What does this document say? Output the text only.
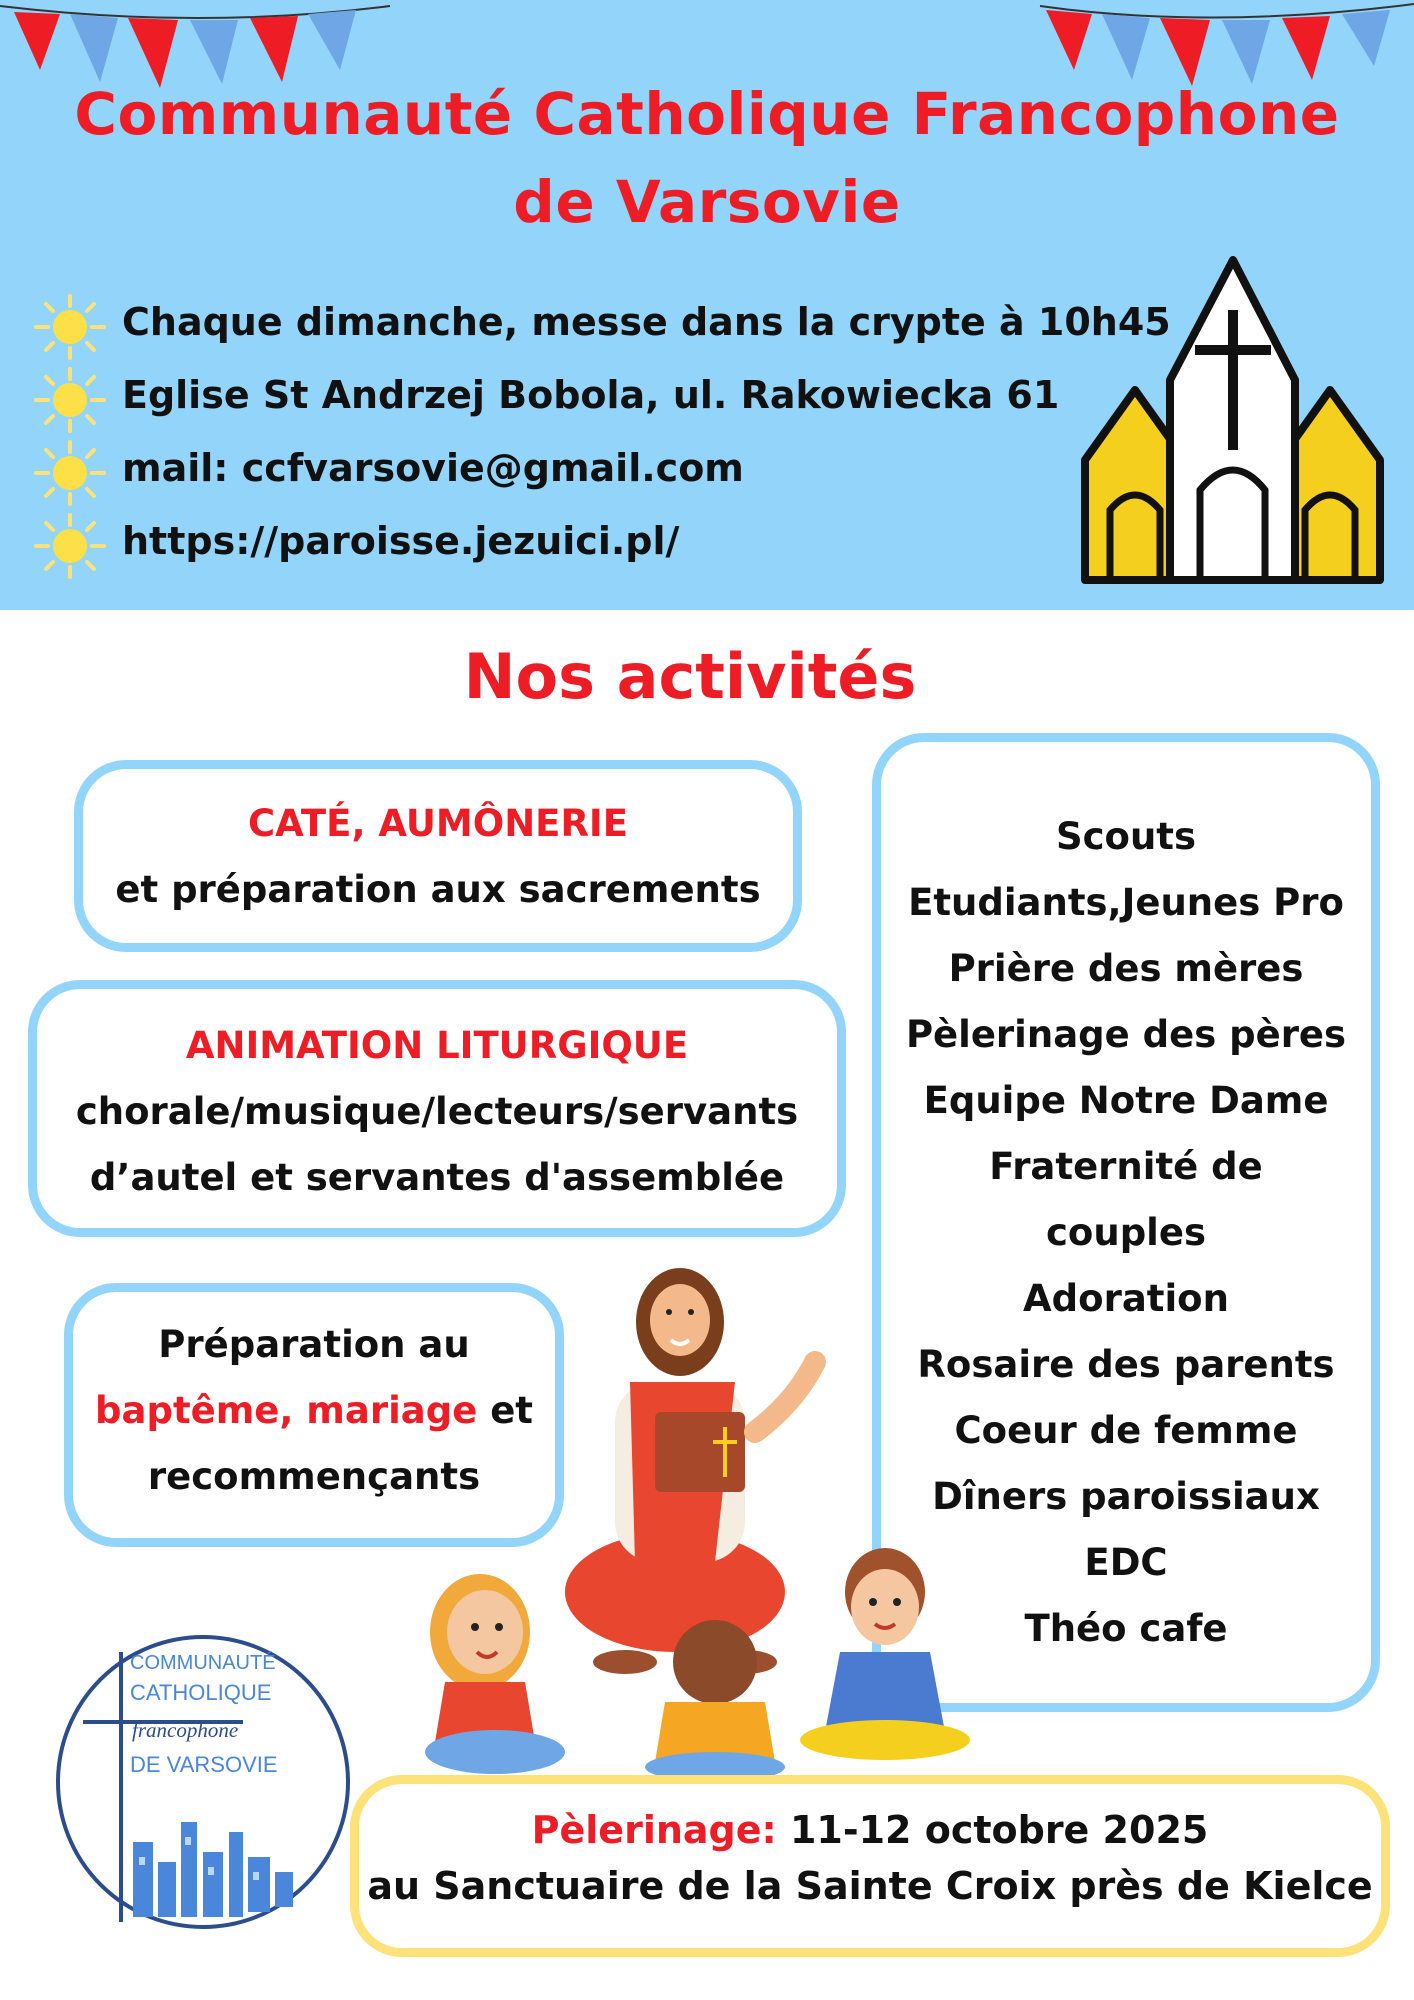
Communauté Catholique Francophone
de Varsovie
Chaque dimanche, messe dans la crypte à 10h45
Eglise St Andrzej Bobola, ul. Rakowiecka 61
mail: ccfvarsovie@gmail.com
https://paroisse.jezuici.pl/
Nos activités
CATÉ, AUMÔNERIE
et préparation aux sacrements
ANIMATION LITURGIQUE
chorale/musique/lecteurs/servants
d’autel et servantes d'assemblée
Préparation au
baptême, mariage et
recommençants
Scouts
Etudiants,Jeunes Pro
Prière des mères
Pèlerinage des pères
Equipe Notre Dame
Fraternité de
couples
Adoration
Rosaire des parents
Coeur de femme
Dîners paroissiaux
EDC
Théo cafe
COMMUNAUTÉ
CATHOLIQUE
francophone
DE VARSOVIE
Pèlerinage: 11-12 octobre 2025
au Sanctuaire de la Sainte Croix près de Kielce
